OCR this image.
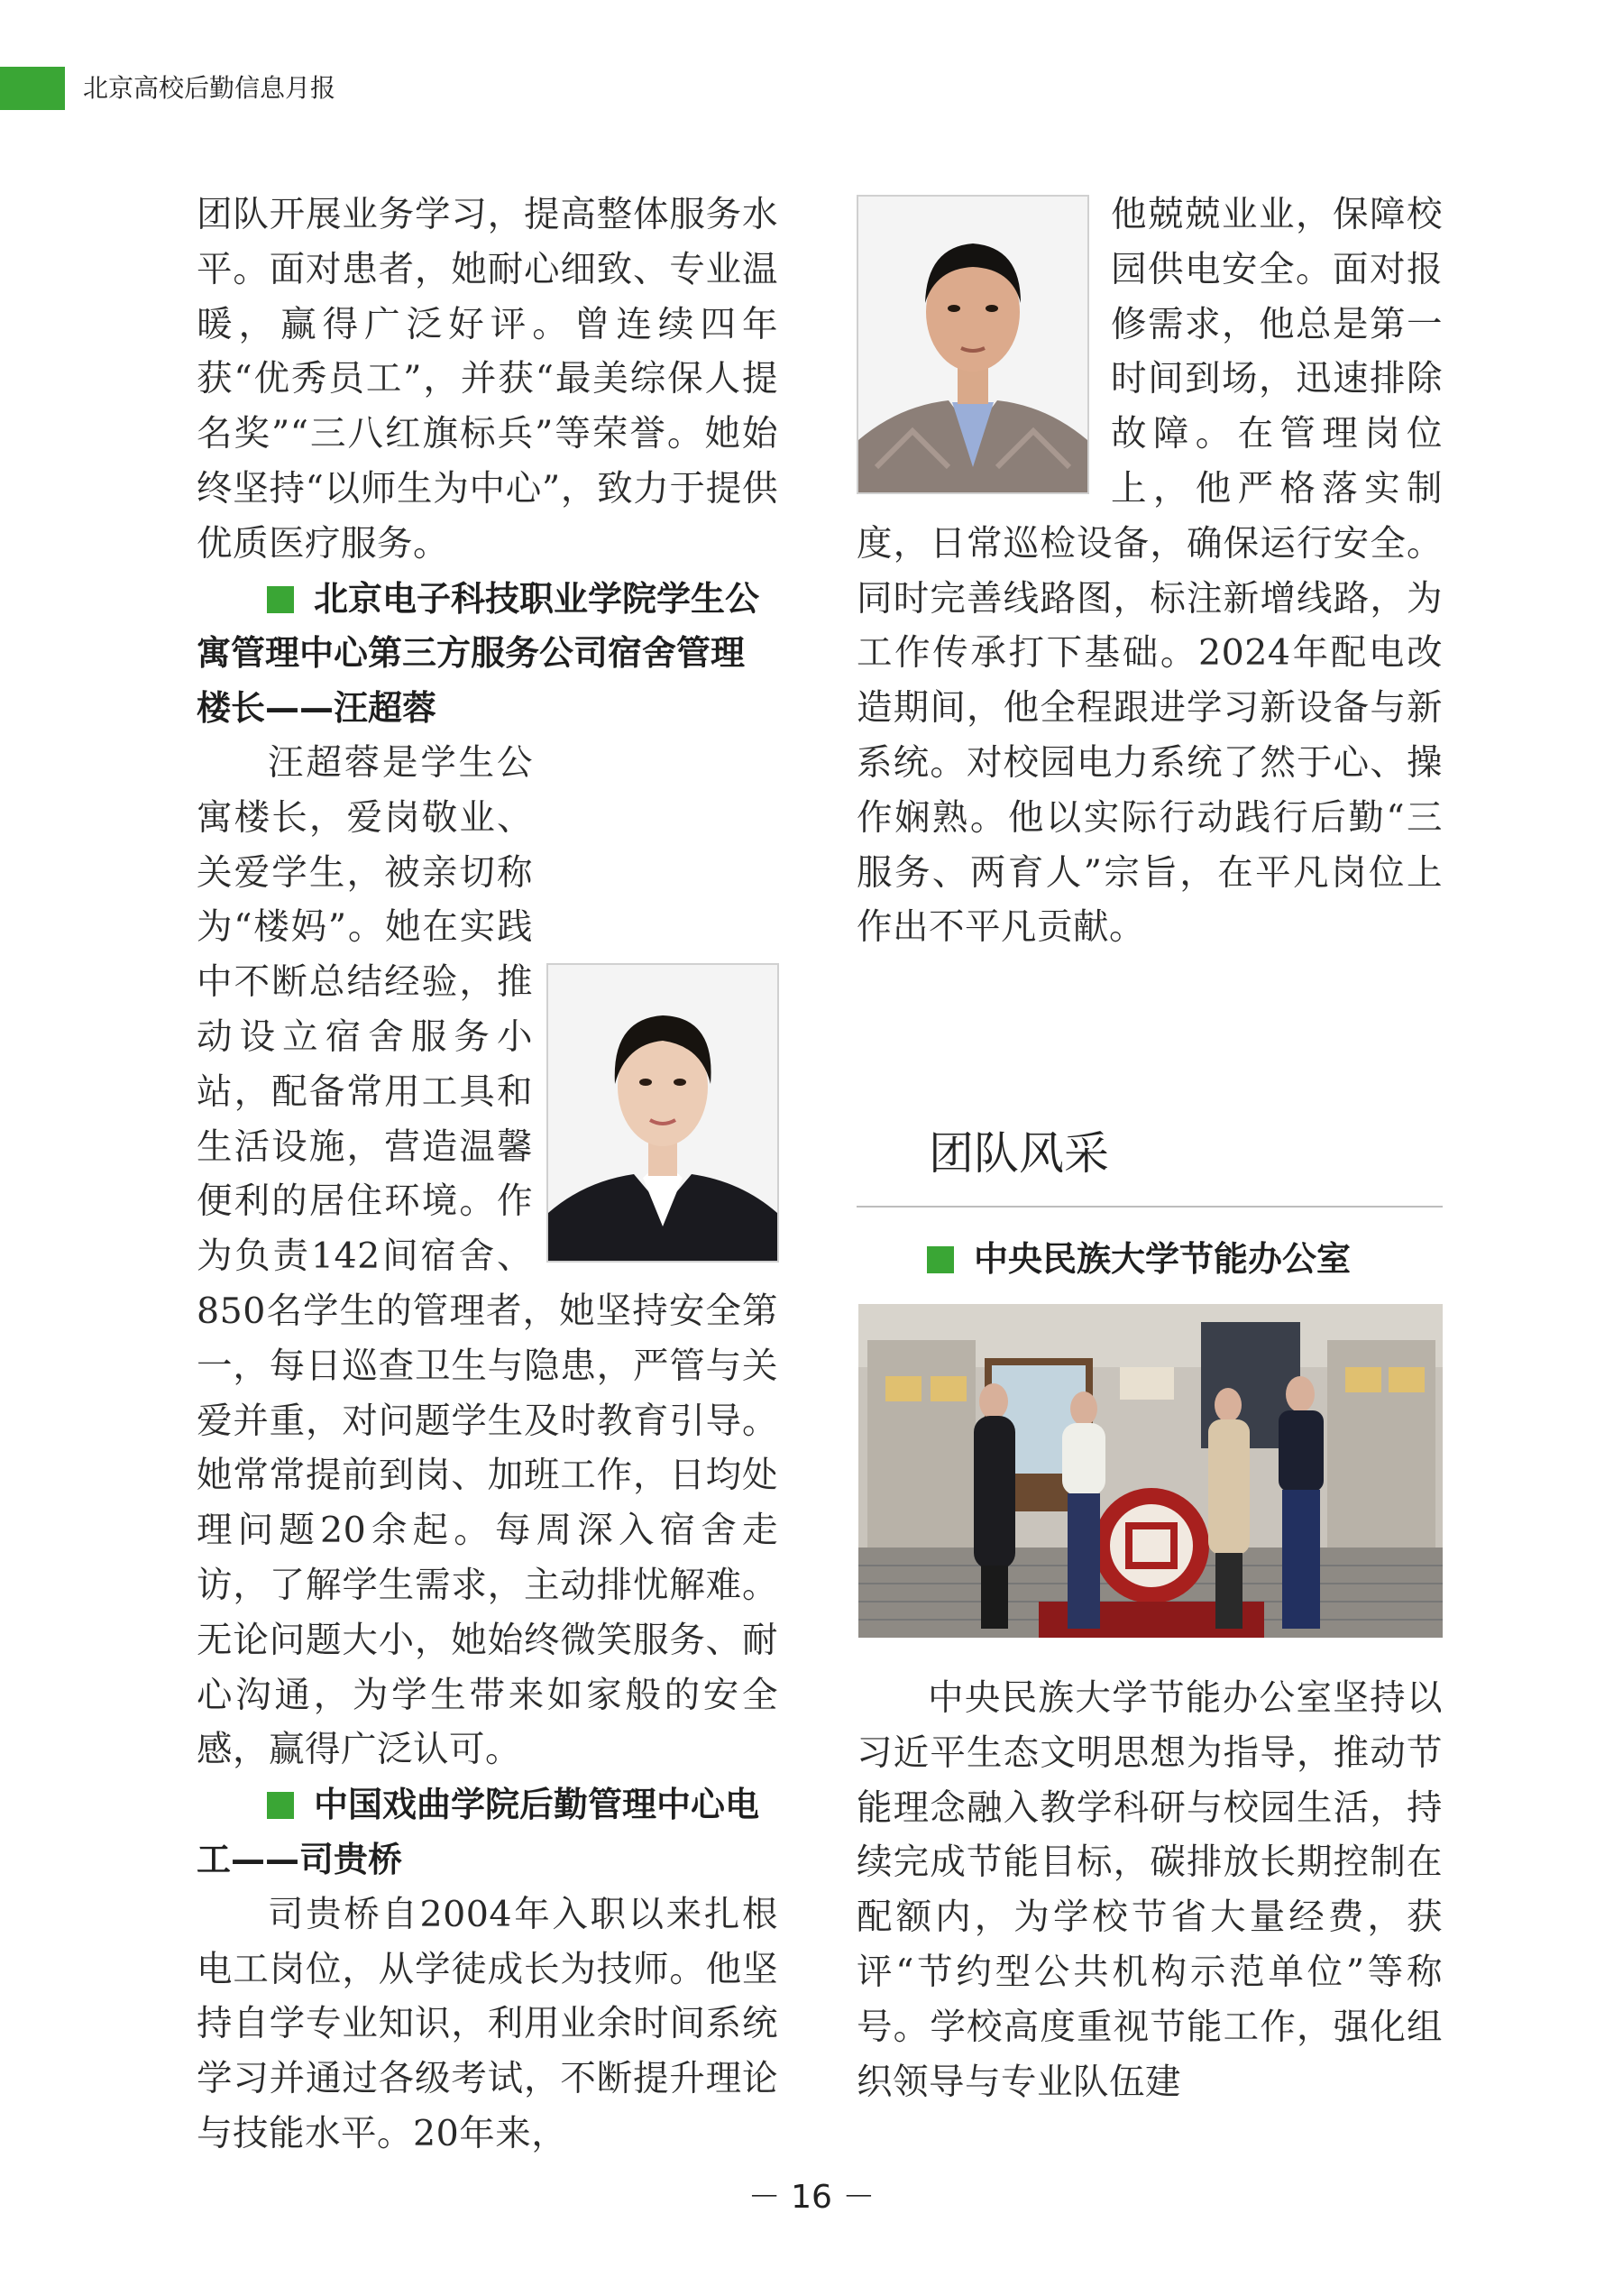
北京高校后勤信息月报

团队开展业务学习，提高整体服务水平。面对患者，她耐心细致、专业温暖，赢得广泛好评。曾连续四年获“优秀员工”，并获“最美综保人提名奖”“三八红旗标兵”等荣誉。她始终坚持“以师生为中心”，致力于提供优质医疗服务。

北京电子科技职业学院学生公寓管理中心第三方服务公司宿舍管理楼长——汪超蓉

汪超蓉是学生公寓楼长，爱岗敬业、关爱学生，被亲切称为“楼妈”。她在实践中不断总结经验，推动设立宿舍服务小站，配备常用工具和生活设施，营造温馨便利的居住环境。作为负责142间宿舍、850名学生的管理者，她坚持安全第一，每日巡查卫生与隐患，严管与关爱并重，对问题学生及时教育引导。她常常提前到岗、加班工作，日均处理问题20余起。每周深入宿舍走访，了解学生需求，主动排忧解难。无论问题大小，她始终微笑服务、耐心沟通，为学生带来如家般的安全感，赢得广泛认可。

中国戏曲学院后勤管理中心电工——司贵桥

司贵桥自2004年入职以来扎根电工岗位，从学徒成长为技师。他坚持自学专业知识，利用业余时间系统学习并通过各级考试，不断提升理论与技能水平。20年来，

他兢兢业业，保障校园供电安全。面对报修需求，他总是第一时间到场，迅速排除故障。在管理岗位上，他严格落实制度，日常巡检设备，确保运行安全。同时完善线路图，标注新增线路，为工作传承打下基础。2024年配电改造期间，他全程跟进学习新设备与新系统。对校园电力系统了然于心、操作娴熟。他以实际行动践行后勤“三服务、两育人”宗旨，在平凡岗位上作出不平凡贡献。

团队风采
中央民族大学节能办公室

中央民族大学节能办公室坚持以习近平生态文明思想为指导，推动节能理念融入教学科研与校园生活，持续完成节能目标，碳排放长期控制在配额内，为学校节省大量经费，获评“节约型公共机构示范单位”等称号。学校高度重视节能工作，强化组织领导与专业队伍建

－ 16 －
